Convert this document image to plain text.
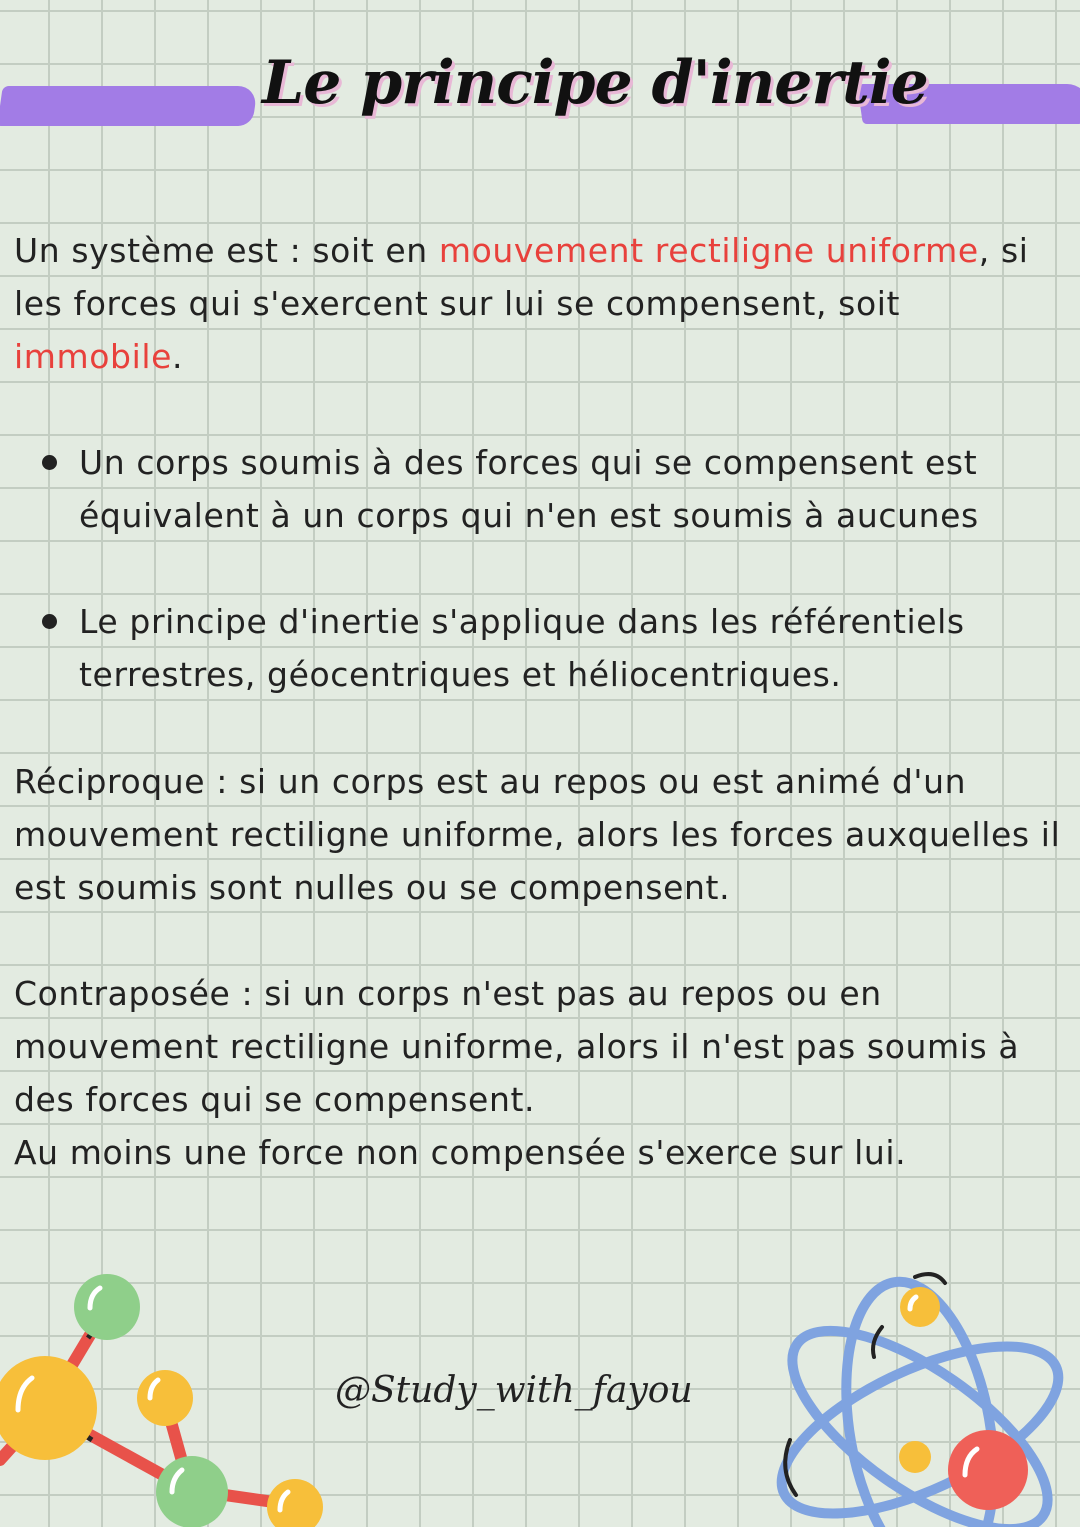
Le principe d'inertie

Un système est : soit en mouvement rectiligne uniforme, si les forces qui s'exercent sur lui se compensent, soit immobile.

Un corps soumis à des forces qui se compensent est équivalent à un corps qui n'en est soumis à aucunes
Le principe d'inertie s'applique dans les référentiels terrestres, géocentriques et héliocentriques.

Réciproque : si un corps est au repos ou est animé d'un mouvement rectiligne uniforme, alors les forces auxquelles il est soumis sont nulles ou se compensent.

Contraposée : si un corps n'est pas au repos ou en mouvement rectiligne uniforme, alors il n'est pas soumis à des forces qui se compensent.
Au moins une force non compensée s'exerce sur lui.
@Study_with_fayou
